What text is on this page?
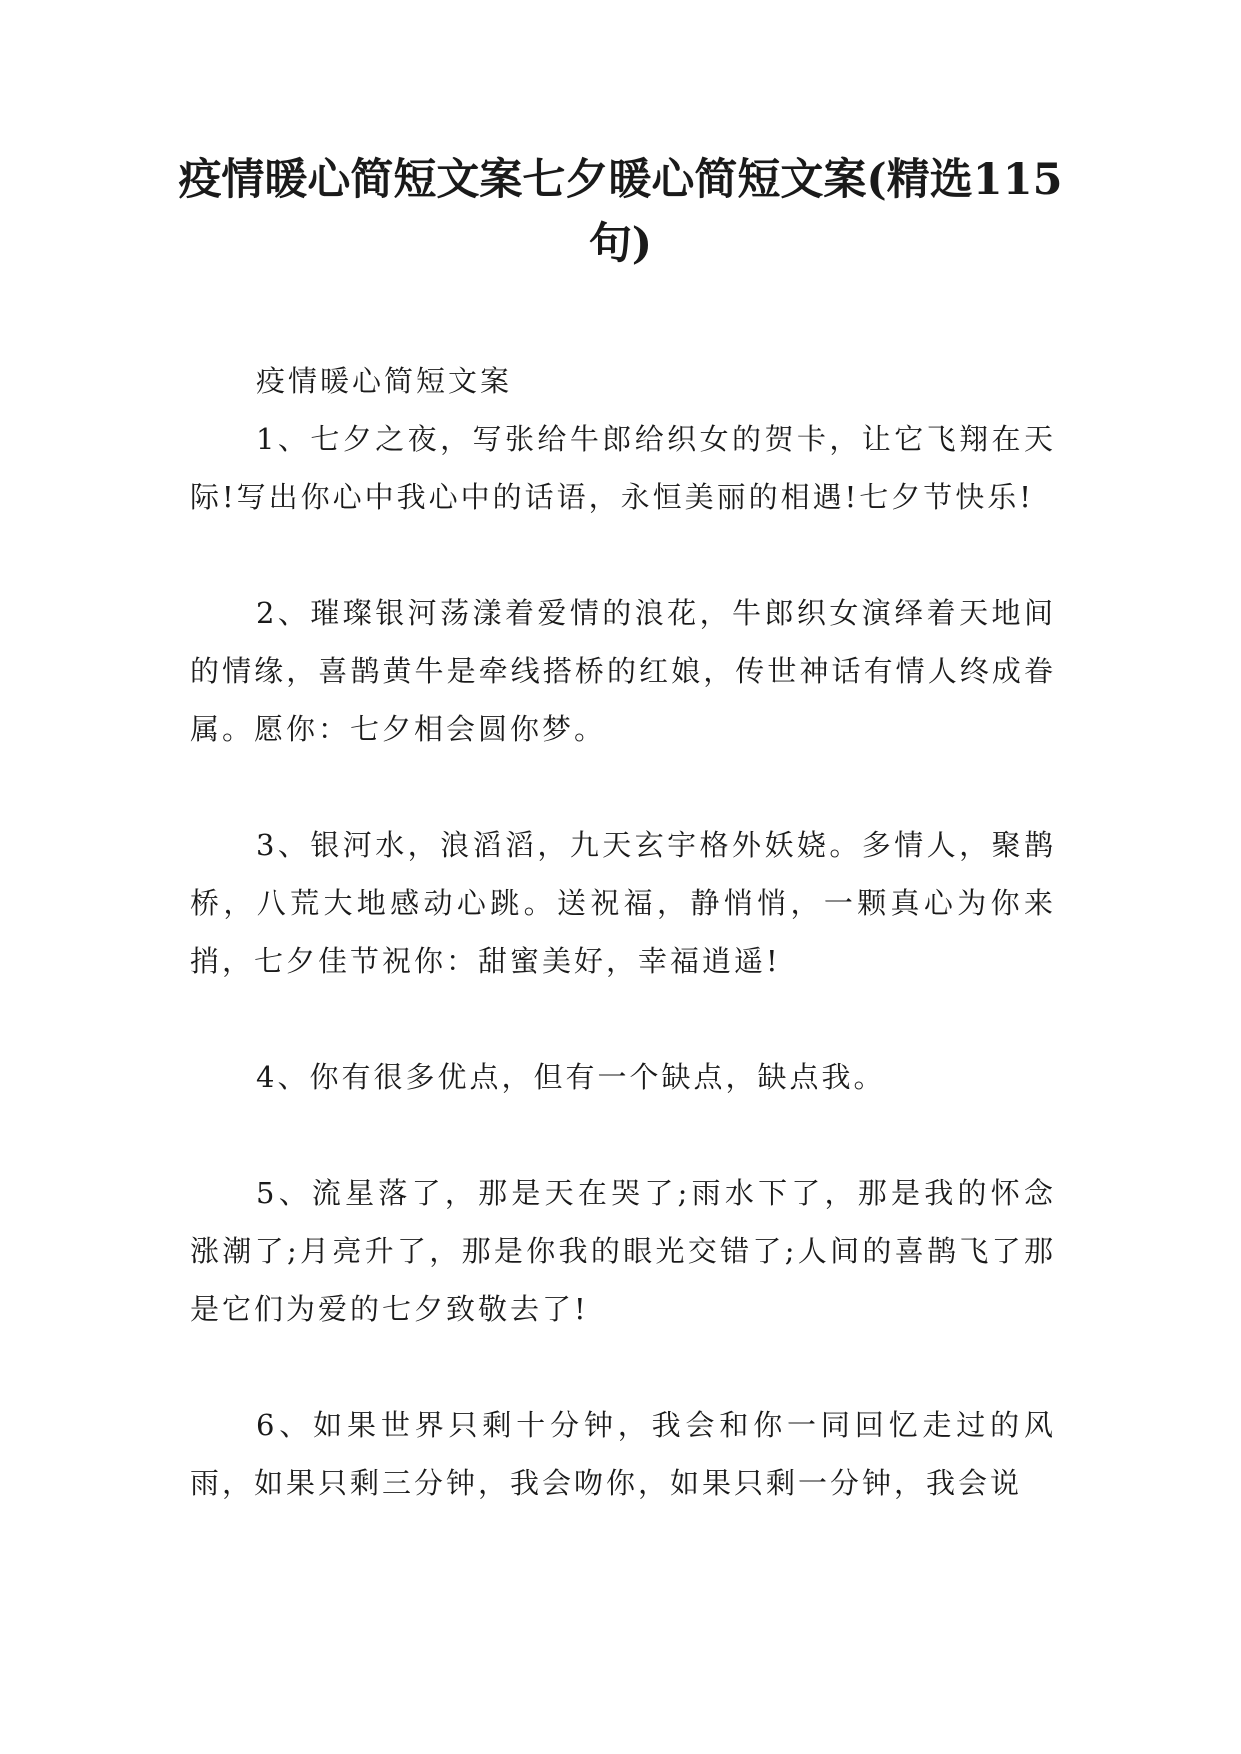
疫情暖心简短文案七夕暖心简短文案(精选115句)

疫情暖心简短文案

1、七夕之夜，写张给牛郎给织女的贺卡，让它飞翔在天际!写出你心中我心中的话语，永恒美丽的相遇!七夕节快乐!

2、璀璨银河荡漾着爱情的浪花，牛郎织女演绎着天地间的情缘，喜鹊黄牛是牵线搭桥的红娘，传世神话有情人终成眷属。愿你：七夕相会圆你梦。

3、银河水，浪滔滔，九天玄宇格外妖娆。多情人，聚鹊桥，八荒大地感动心跳。送祝福，静悄悄，一颗真心为你来捎，七夕佳节祝你：甜蜜美好，幸福逍遥!

4、你有很多优点，但有一个缺点，缺点我。

5、流星落了，那是天在哭了;雨水下了，那是我的怀念涨潮了;月亮升了，那是你我的眼光交错了;人间的喜鹊飞了那是它们为爱的七夕致敬去了!

6、如果世界只剩十分钟，我会和你一同回忆走过的风雨，如果只剩三分钟，我会吻你，如果只剩一分钟，我会说
